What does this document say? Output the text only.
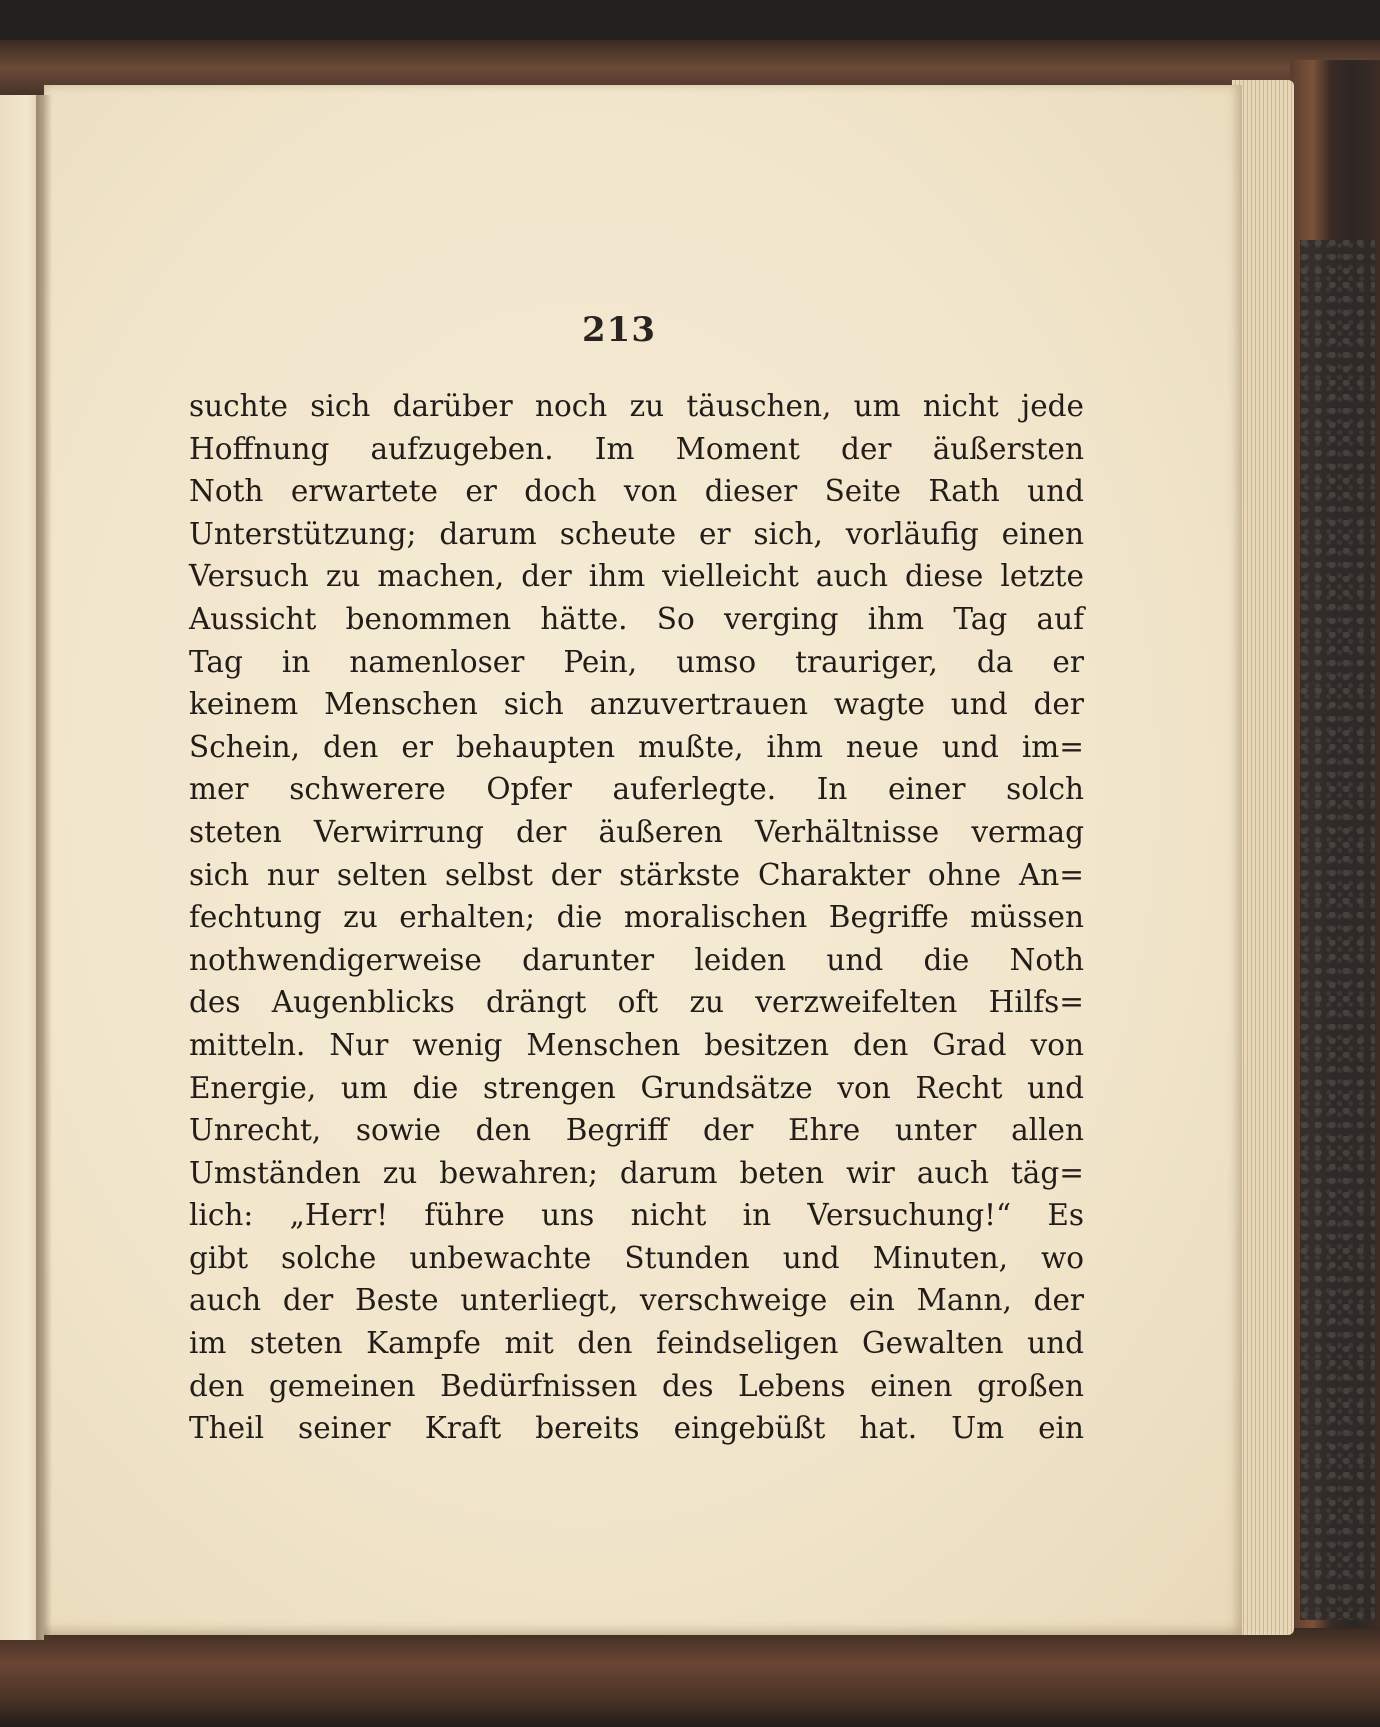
213
suchte sich darüber noch zu täuschen, um nicht jede
Hoffnung aufzugeben. Im Moment der äußersten
Noth erwartete er doch von dieser Seite Rath und
Unterstützung; darum scheute er sich, vorläufig einen
Versuch zu machen, der ihm vielleicht auch diese letzte
Aussicht benommen hätte. So verging ihm Tag auf
Tag in namenloser Pein, umso trauriger, da er
keinem Menschen sich anzuvertrauen wagte und der
Schein, den er behaupten mußte, ihm neue und im=
mer schwerere Opfer auferlegte. In einer solch
steten Verwirrung der äußeren Verhältnisse vermag
sich nur selten selbst der stärkste Charakter ohne An=
fechtung zu erhalten; die moralischen Begriffe müssen
nothwendigerweise darunter leiden und die Noth
des Augenblicks drängt oft zu verzweifelten Hilfs=
mitteln. Nur wenig Menschen besitzen den Grad von
Energie, um die strengen Grundsätze von Recht und
Unrecht, sowie den Begriff der Ehre unter allen
Umständen zu bewahren; darum beten wir auch täg=
lich: „Herr! führe uns nicht in Versuchung!“ Es
gibt solche unbewachte Stunden und Minuten, wo
auch der Beste unterliegt, verschweige ein Mann, der
im steten Kampfe mit den feindseligen Gewalten und
den gemeinen Bedürfnissen des Lebens einen großen
Theil seiner Kraft bereits eingebüßt hat. Um ein
